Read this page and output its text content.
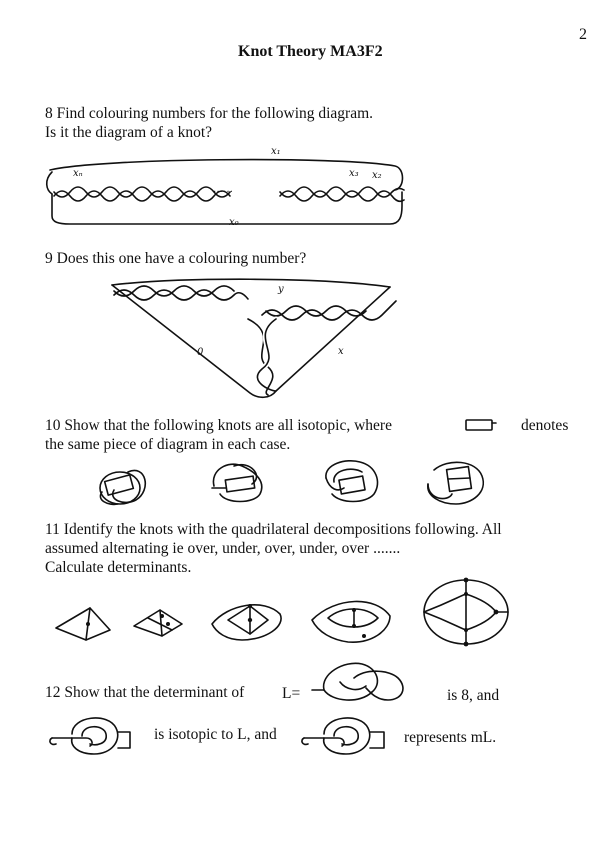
2
Knot Theory MA3F2
8 Find colouring numbers for the following diagram.
Is it the diagram of a knot?
x₁
xₙ
……
x₃ x₂
x₀
9 Does this one have a colouring number?
y
0	x
10 Show that the following knots are all isotopic, where	denotes
the same piece of diagram in each case.
11 Identify the knots with the quadrilateral decompositions following. All
assumed alternating ie over, under, over, under, over .......
Calculate determinants.
12 Show that the determinant of L=	is 8, and
is isotopic to L, and	represents mL.
